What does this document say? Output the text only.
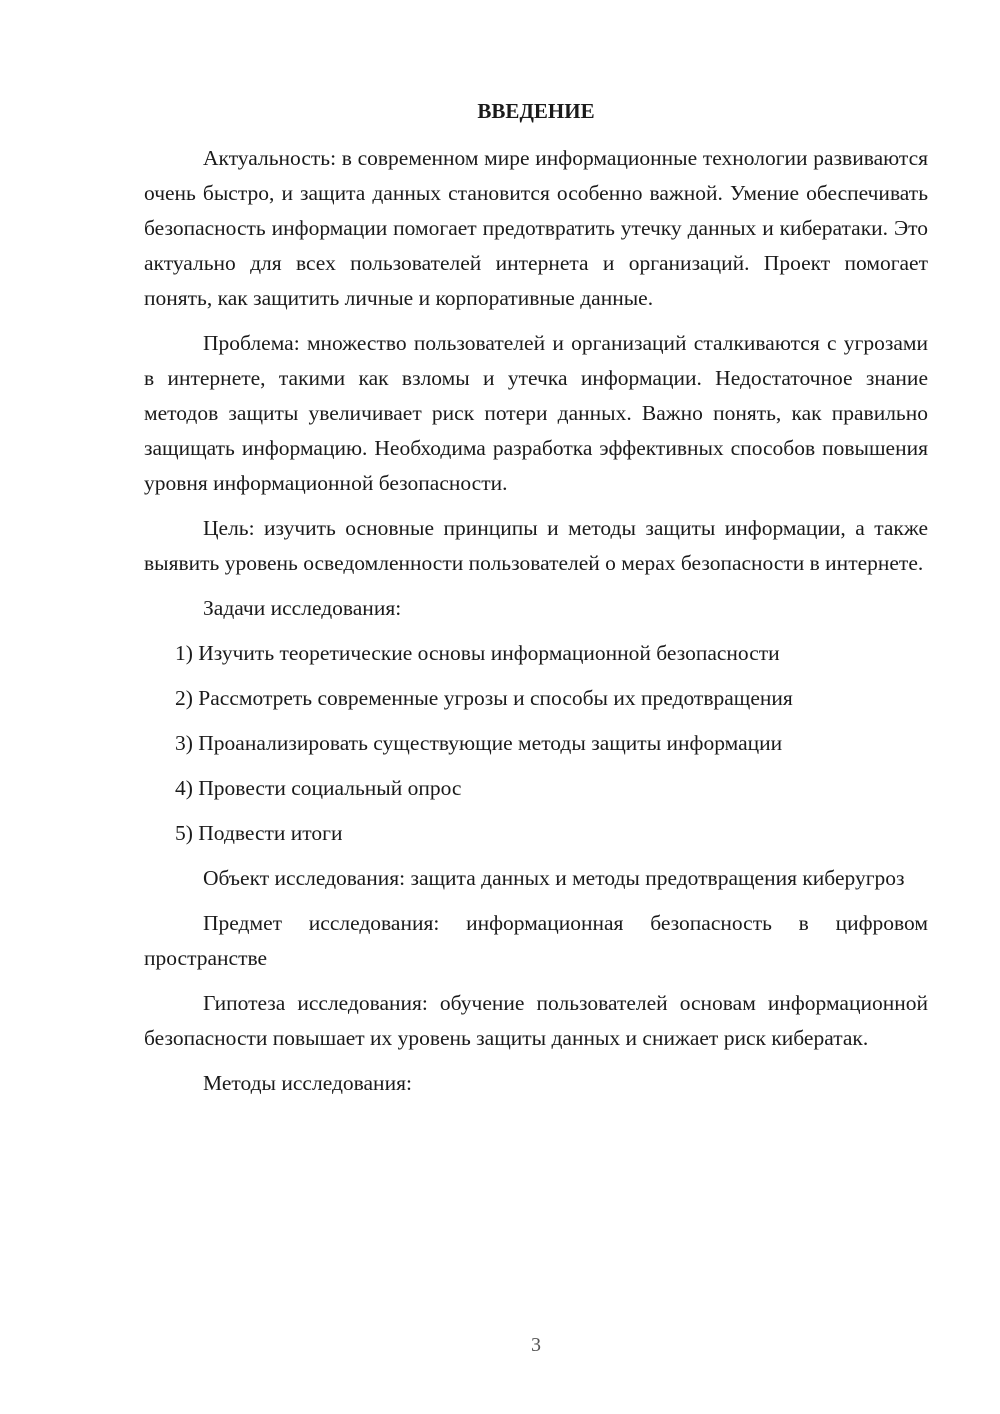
ВВЕДЕНИЕ

Актуальность: в современном мире информационные технологии развиваются очень быстро, и защита данных становится особенно важной. Умение обеспечивать безопасность информации помогает предотвратить утечку данных и кибератаки. Это актуально для всех пользователей интернета и организаций. Проект помогает понять, как защитить личные и корпоративные данные.

Проблема: множество пользователей и организаций сталкиваются с угрозами в интернете, такими как взломы и утечка информации. Недостаточное знание методов защиты увеличивает риск потери данных. Важно понять, как правильно защищать информацию. Необходима разработка эффективных способов повышения уровня информационной безопасности.

Цель: изучить основные принципы и методы защиты информации, а также выявить уровень осведомленности пользователей о мерах безопасности в интернете.

Задачи исследования:

1) Изучить теоретические основы информационной безопасности
2) Рассмотреть современные угрозы и способы их предотвращения
3) Проанализировать существующие методы защиты информации
4) Провести социальный опрос
5) Подвести итоги

Объект исследования: защита данных и методы предотвращения киберугроз

Предмет исследования: информационная безопасность в цифровом пространстве

Гипотеза исследования: обучение пользователей основам информационной безопасности повышает их уровень защиты данных и снижает риск кибератак.

Методы исследования:

3
